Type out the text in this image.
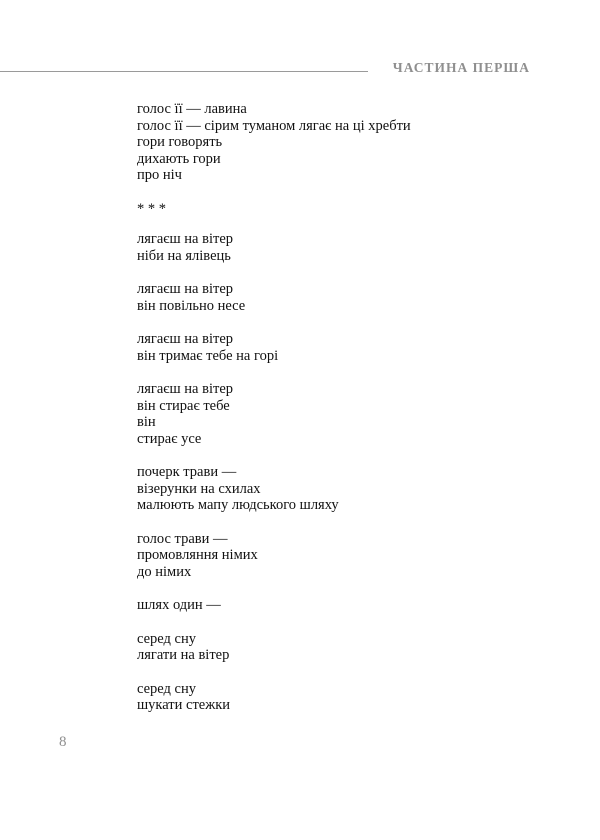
ЧАСТИНА ПЕРША
голос її — лавина
голос її — сірим туманом лягає на ці хребти
гори говорять
дихають гори
про ніч
* * *
лягаєш на вітер
ніби на ялівець
лягаєш на вітер
він повільно несе
лягаєш на вітер
він тримає тебе на горі
лягаєш на вітер
він стирає тебе
він
стирає усе
почерк трави —
візерунки на схилах
малюють мапу людського шляху
голос трави —
промовляння німих
до німих
шлях один —
серед сну
лягати на вітер
серед сну
шукати стежки
8
